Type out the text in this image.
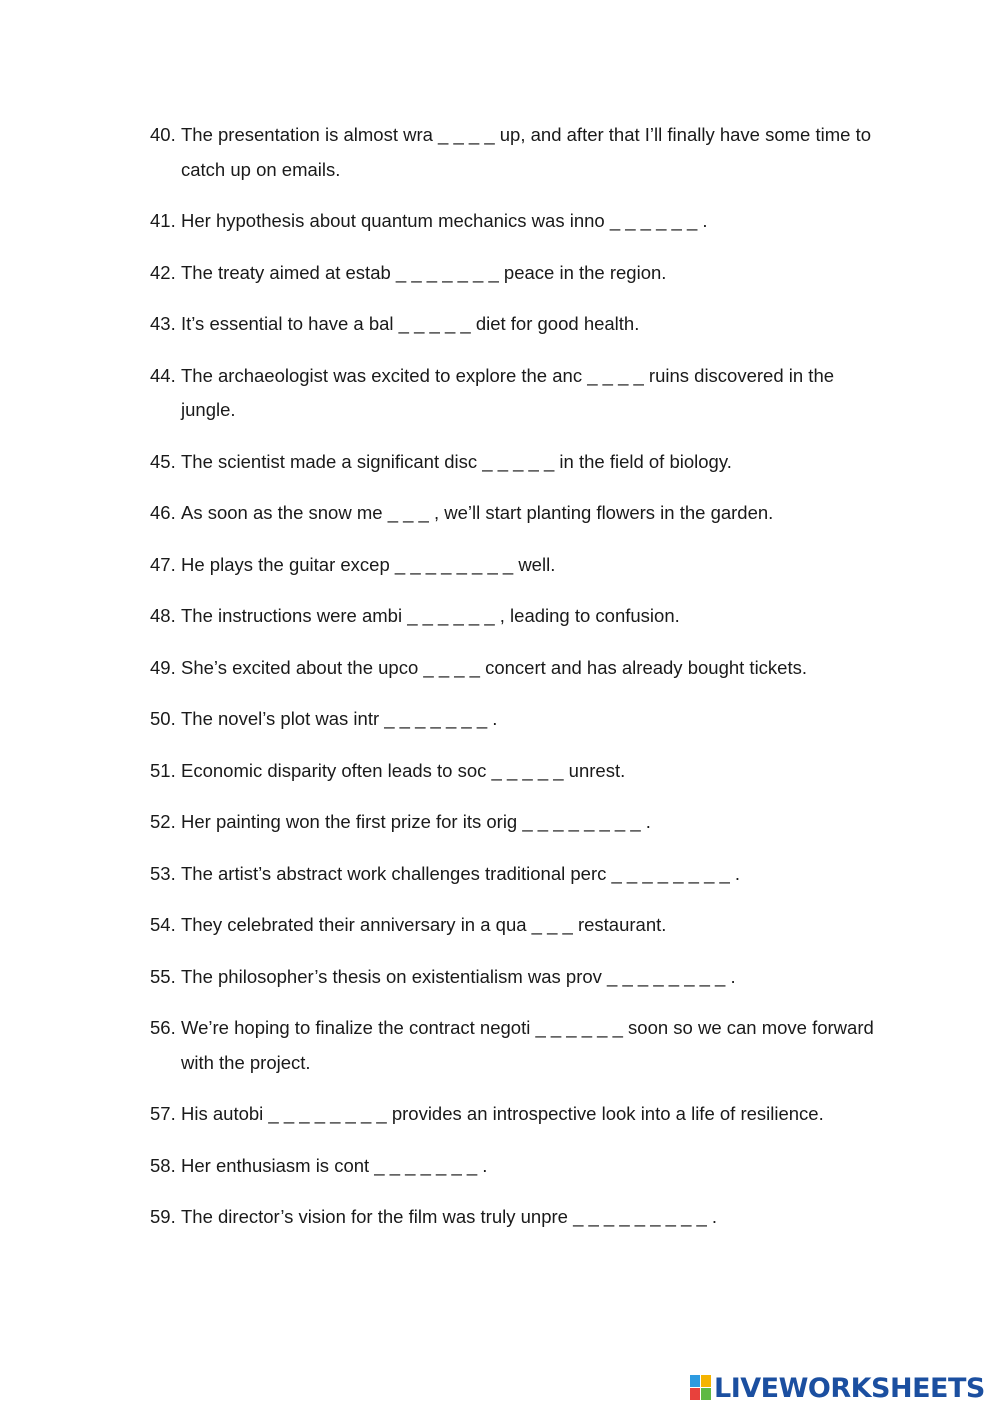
40. The presentation is almost wra _ _ _ _ up, and after that I’ll finally have some time to catch up on emails.
41. Her hypothesis about quantum mechanics was inno _ _ _ _ _ _ .
42. The treaty aimed at estab _ _ _ _ _ _ _ peace in the region.
43. It’s essential to have a bal _ _ _ _ _ diet for good health.
44. The archaeologist was excited to explore the anc _ _ _ _ ruins discovered in the jungle.
45. The scientist made a significant disc _ _ _ _ _ in the field of biology.
46. As soon as the snow me _ _ _ , we’ll start planting flowers in the garden.
47. He plays the guitar excep _ _ _ _ _ _ _ _ well.
48. The instructions were ambi _ _ _ _ _ _ , leading to confusion.
49. She’s excited about the upco _ _ _ _ concert and has already bought tickets.
50. The novel’s plot was intr _ _ _ _ _ _ _ .
51. Economic disparity often leads to soc _ _ _ _ _ unrest.
52. Her painting won the first prize for its orig _ _ _ _ _ _ _ _ .
53. The artist’s abstract work challenges traditional perc _ _ _ _ _ _ _ _ .
54. They celebrated their anniversary in a qua _ _ _ restaurant.
55. The philosopher’s thesis on existentialism was prov _ _ _ _ _ _ _ _ .
56. We’re hoping to finalize the contract negoti _ _ _ _ _ _ soon so we can move forward with the project.
57. His autobi _ _ _ _ _ _ _ _ provides an introspective look into a life of resilience.
58. Her enthusiasm is cont _ _ _ _ _ _ _ .
59. The director’s vision for the film was truly unpre _ _ _ _ _ _ _ _ _ .
LIVEWORKSHEETS
